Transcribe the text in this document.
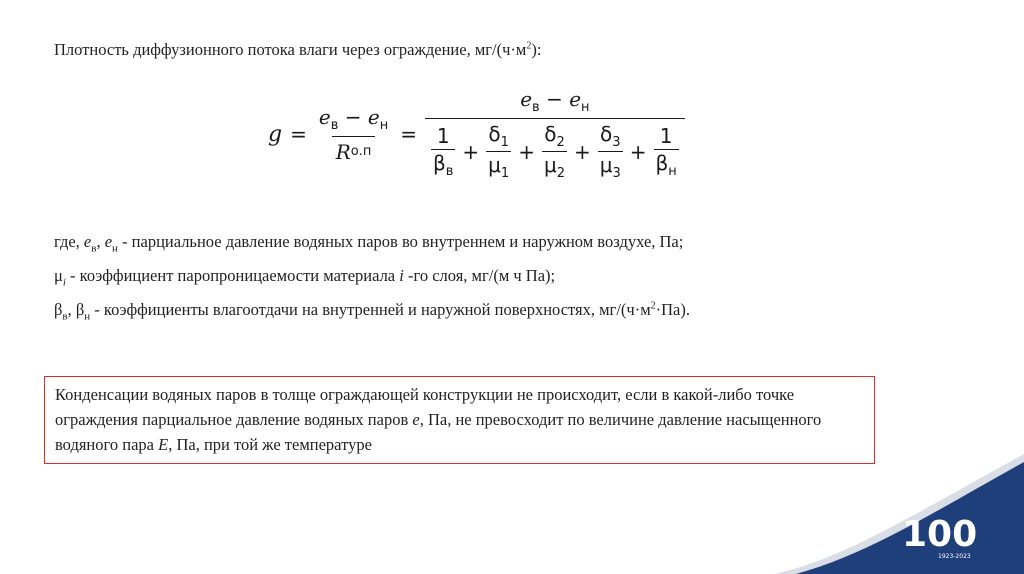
Плотность диффузионного потока влаги через ограждение, $мг/(ч\cdot м^2)$:
$g = \frac{e_в - e_н}{\text{R о.п}}$ =
$e_в - e_н$
$\frac{1}{\beta_в} + \frac{\delta_1}{\mu_1} + \frac{\delta_2}{\mu_2} + \frac{\delta_3}{\mu_3} + \frac{1}{\beta_н}$
где, $e_в$, $e_н$ - парциальное давление водяных паров во внутреннем и наружном воздухе, Па;
$\mu_i$ - коэффициент паропроницаемости материала i -го слоя, мг/(м ч Па);
$\beta_в$, $\beta_н$ - коэффициенты влагоотдачи на внутренней и наружной поверхностях, $мг/(ч\cdot м^2\cdot Па)$.
Конденсации водяных паров в толще ограждающей конструкции не происходит, если в какой-либо точке ограждения парциальное давление водяных паров е, Па, не превосходит по величине давление насыщенного водяного пара Е, Па, при той же температуре
100
1923-2023
